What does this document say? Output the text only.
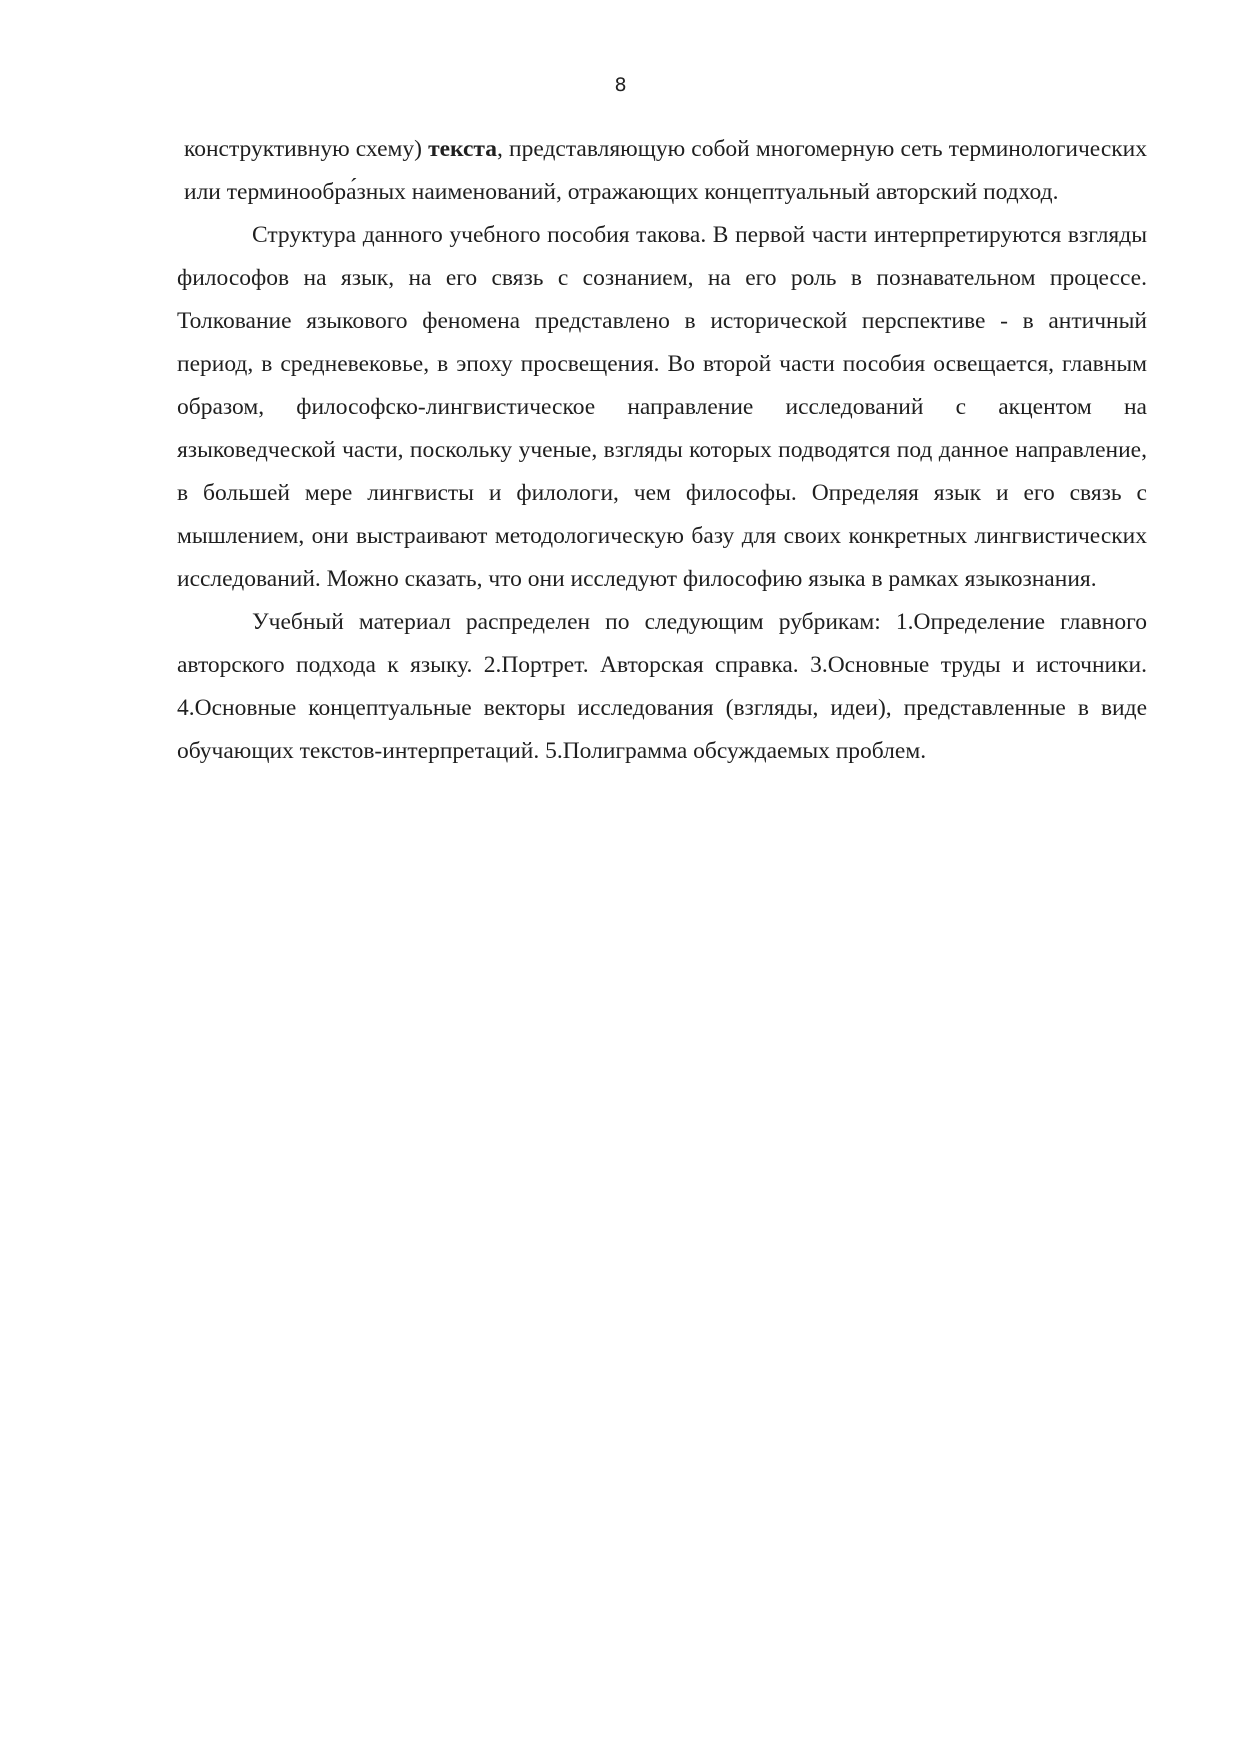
8

конструктивную схему) текста, представляющую собой многомерную сеть терминологических или терминообра́зных наименований, отражающих концептуальный авторский подход.

Структура данного учебного пособия такова. В первой части интерпретируются взгляды философов на язык, на его связь с сознанием, на его роль в познавательном процессе. Толкование языкового феномена представлено в исторической перспективе - в античный период, в средневековье, в эпоху просвещения. Во второй части пособия освещается, главным образом, философско-лингвистическое направление исследований с акцентом на языковедческой части, поскольку ученые, взгляды которых подводятся под данное направление, в большей мере лингвисты и филологи, чем философы. Определяя язык и его связь с мышлением, они выстраивают методологическую базу для своих конкретных лингвистических исследований. Можно сказать, что они исследуют философию языка в рамках языкознания.

Учебный материал распределен по следующим рубрикам: 1.Определение главного авторского подхода к языку. 2.Портрет. Авторская справка. 3.Основные труды и источники. 4.Основные концептуальные векторы исследования (взгляды, идеи), представленные в виде обучающих текстов-интерпретаций. 5.Полиграмма обсуждаемых проблем.
